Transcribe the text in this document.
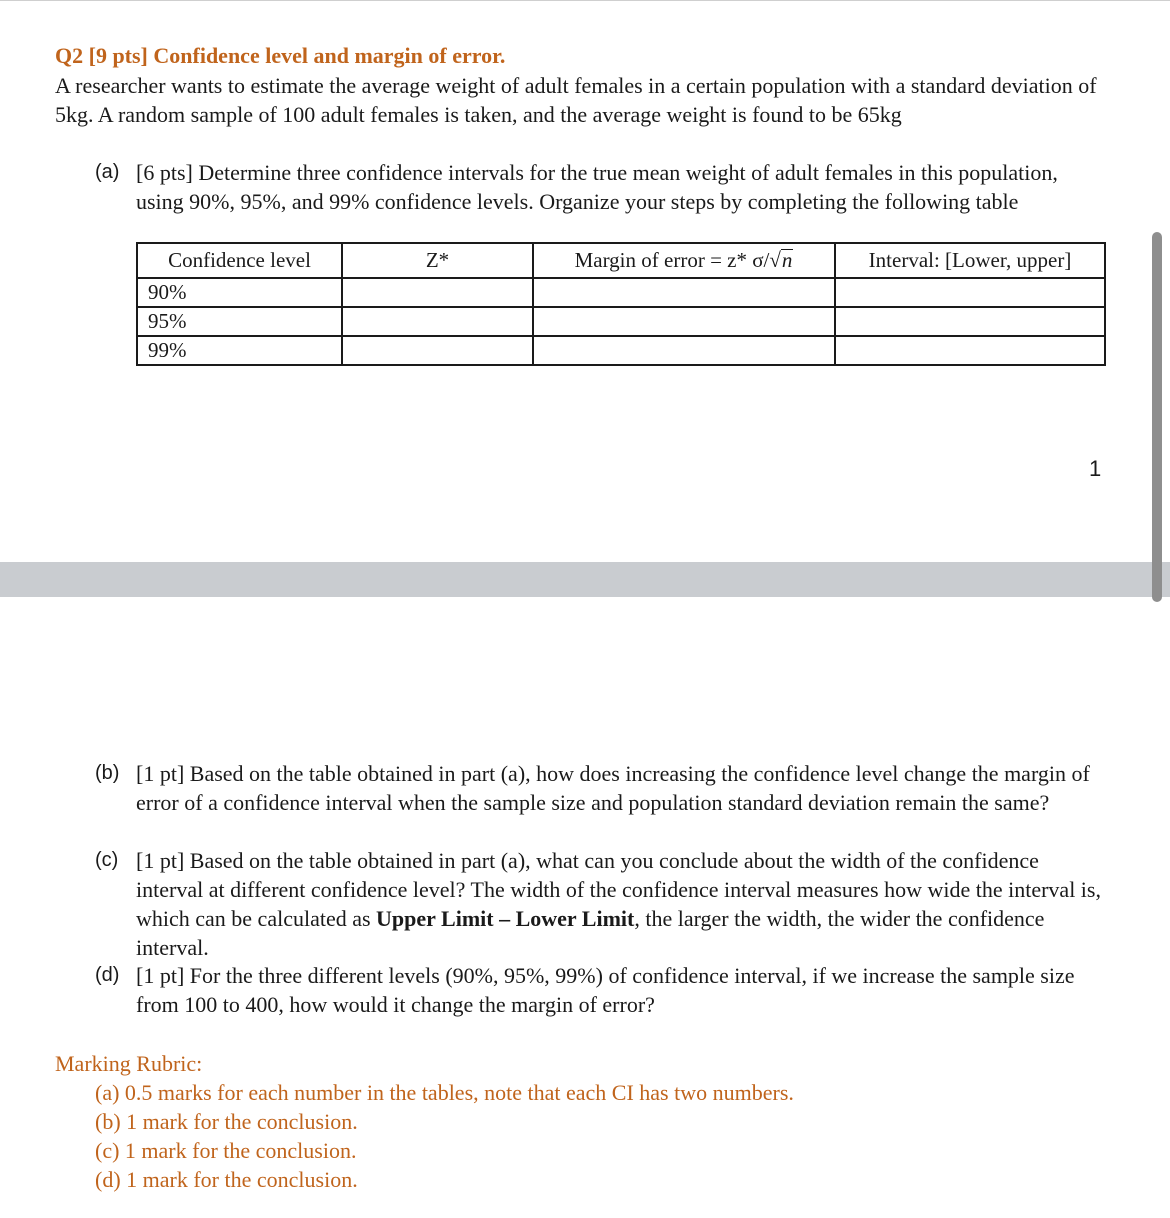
Q2 [9 pts] Confidence level and margin of error.
A researcher wants to estimate the average weight of adult females in a certain population with a standard deviation of 5kg. A random sample of 100 adult females is taken, and the average weight is found to be 65kg
(a) [6 pts] Determine three confidence intervals for the true mean weight of adult females in this population, using 90%, 95%, and 99% confidence levels. Organize your steps by completing the following table
Confidence level	Z*	Margin of error = z* σ/√n	Interval: [Lower, upper]
90%			
95%			
99%			
1
(b) [1 pt] Based on the table obtained in part (a), how does increasing the confidence level change the margin of error of a confidence interval when the sample size and population standard deviation remain the same?
(c) [1 pt] Based on the table obtained in part (a), what can you conclude about the width of the confidence interval at different confidence level? The width of the confidence interval measures how wide the interval is, which can be calculated as Upper Limit – Lower Limit, the larger the width, the wider the confidence interval.
(d) [1 pt] For the three different levels (90%, 95%, 99%) of confidence interval, if we increase the sample size from 100 to 400, how would it change the margin of error?
Marking Rubric:
(a) 0.5 marks for each number in the tables, note that each CI has two numbers.
(b) 1 mark for the conclusion.
(c) 1 mark for the conclusion.
(d) 1 mark for the conclusion.
